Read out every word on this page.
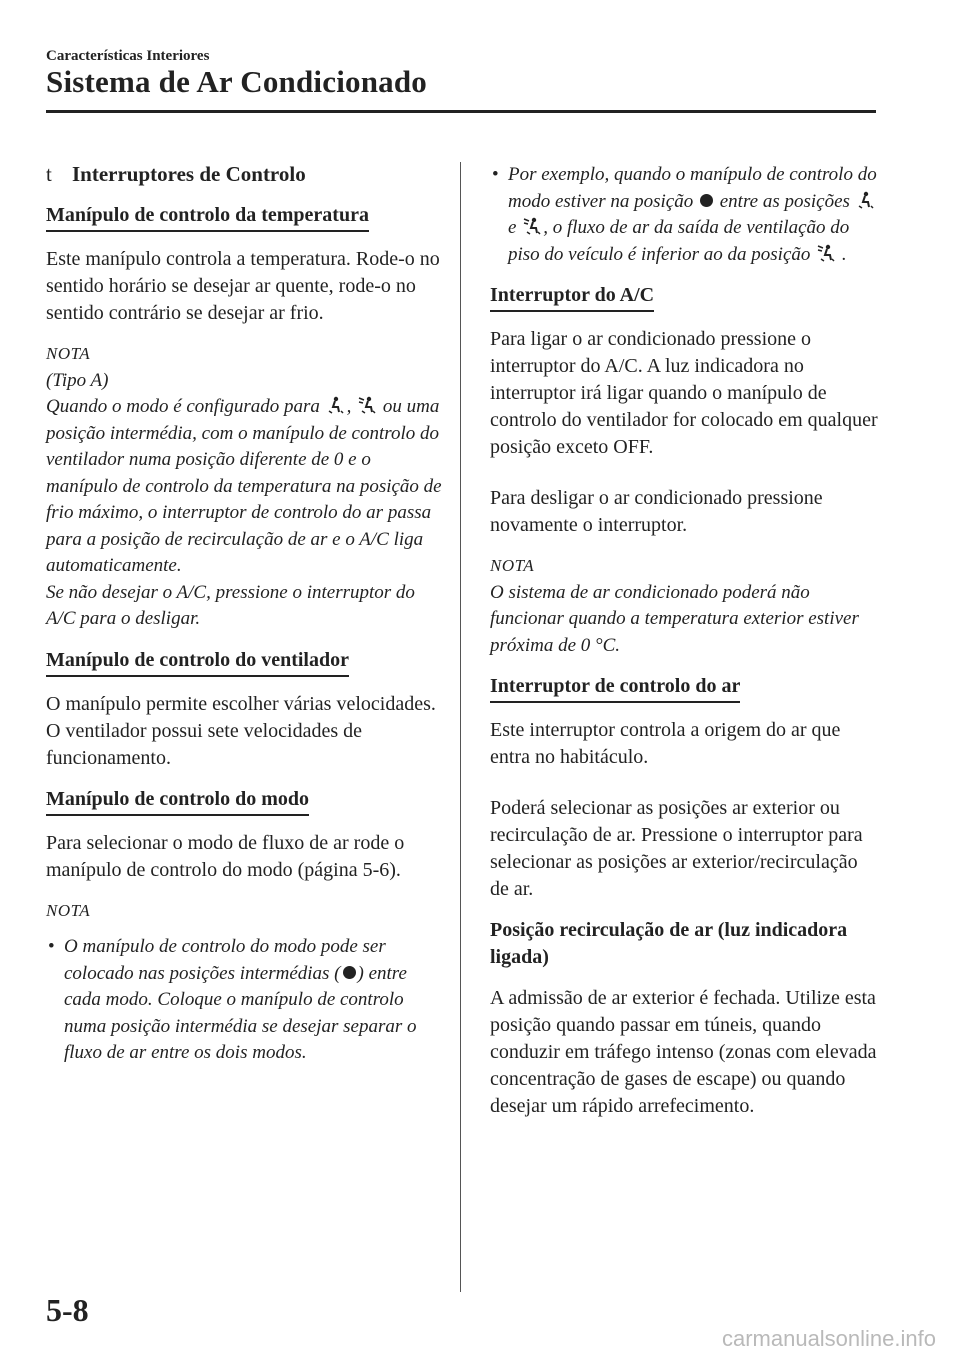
Características Interiores
Sistema de Ar Condicionado
t Interruptores de Controlo
Manípulo de controlo da temperatura

Este manípulo controla a temperatura. Rode-o no sentido horário se desejar ar quente, rode-o no sentido contrário se desejar ar frio.

NOTA
(Tipo A)
Quando o modo é configurado para , ou uma posição intermédia, com o manípulo de controlo do ventilador numa posição diferente de 0 e o manípulo de controlo da temperatura na posição de frio máximo, o interruptor de controlo do ar passa para a posição de recirculação de ar e o A/C liga automaticamente.
Se não desejar o A/C, pressione o interruptor do A/C para o desligar.
Manípulo de controlo do ventilador

O manípulo permite escolher várias velocidades.
O ventilador possui sete velocidades de funcionamento.

Manípulo de controlo do modo

Para selecionar o modo de fluxo de ar rode o manípulo de controlo do modo (página 5-6).

NOTA
• O manípulo de controlo do modo pode ser colocado nas posições intermédias ( ) entre cada modo. Coloque o manípulo de controlo numa posição intermédia se desejar separar o fluxo de ar entre os dois modos.
• Por exemplo, quando o manípulo de controlo do modo estiver na posição entre as posições  e , o fluxo de ar da saída de ventilação do piso do veículo é inferior ao da posição .
Interruptor do A/C

Para ligar o ar condicionado pressione o interruptor do A/C. A luz indicadora no interruptor irá ligar quando o manípulo de controlo do ventilador for colocado em qualquer posição exceto OFF.

Para desligar o ar condicionado pressione novamente o interruptor.

NOTA
O sistema de ar condicionado poderá não funcionar quando a temperatura exterior estiver próxima de 0 °C.
Interruptor de controlo do ar

Este interruptor controla a origem do ar que entra no habitáculo.

Poderá selecionar as posições ar exterior ou recirculação de ar. Pressione o interruptor para selecionar as posições ar exterior/recirculação de ar.

Posição recirculação de ar (luz indicadora ligada)

A admissão de ar exterior é fechada. Utilize esta posição quando passar em túneis, quando conduzir em tráfego intenso (zonas com elevada concentração de gases de escape) ou quando desejar um rápido arrefecimento.

5-8
carmanualsonline.info
